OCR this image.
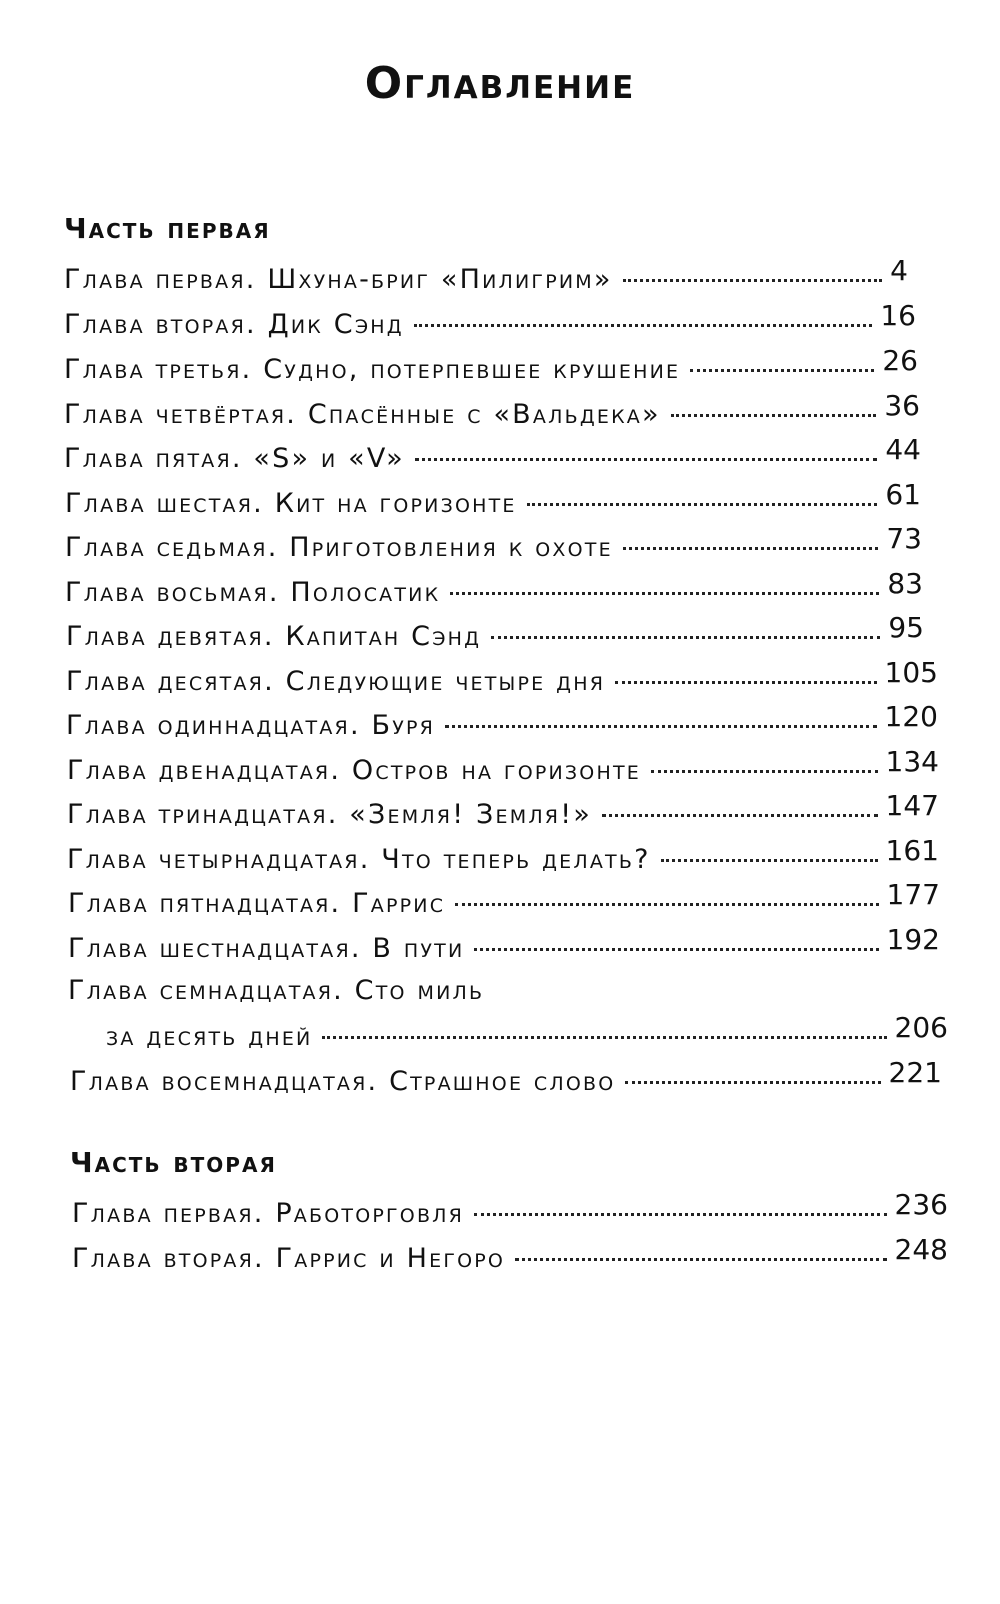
Оглавление
Часть первая
Глава первая. Шхуна-бриг «Пилигрим»	4
Глава вторая. Дик Сэнд	16
Глава третья. Судно, потерпевшее крушение	26
Глава четвёртая. Спасённые с «Вальдека»	36
Глава пятая. «S» и «V»	44
Глава шестая. Кит на горизонте	61
Глава седьмая. Приготовления к охоте	73
Глава восьмая. Полосатик	83
Глава девятая. Капитан Сэнд	95
Глава десятая. Следующие четыре дня	105
Глава одиннадцатая. Буря	120
Глава двенадцатая. Остров на горизонте	134
Глава тринадцатая. «Земля! Земля!»	147
Глава четырнадцатая. Что теперь делать?	161
Глава пятнадцатая. Гаррис	177
Глава шестнадцатая. В пути	192
Глава семнадцатая. Сто миль
за десять дней	206
Глава восемнадцатая. Страшное слово	221
Часть вторая
Глава первая. Работорговля	236
Глава вторая. Гаррис и Негоро	248
